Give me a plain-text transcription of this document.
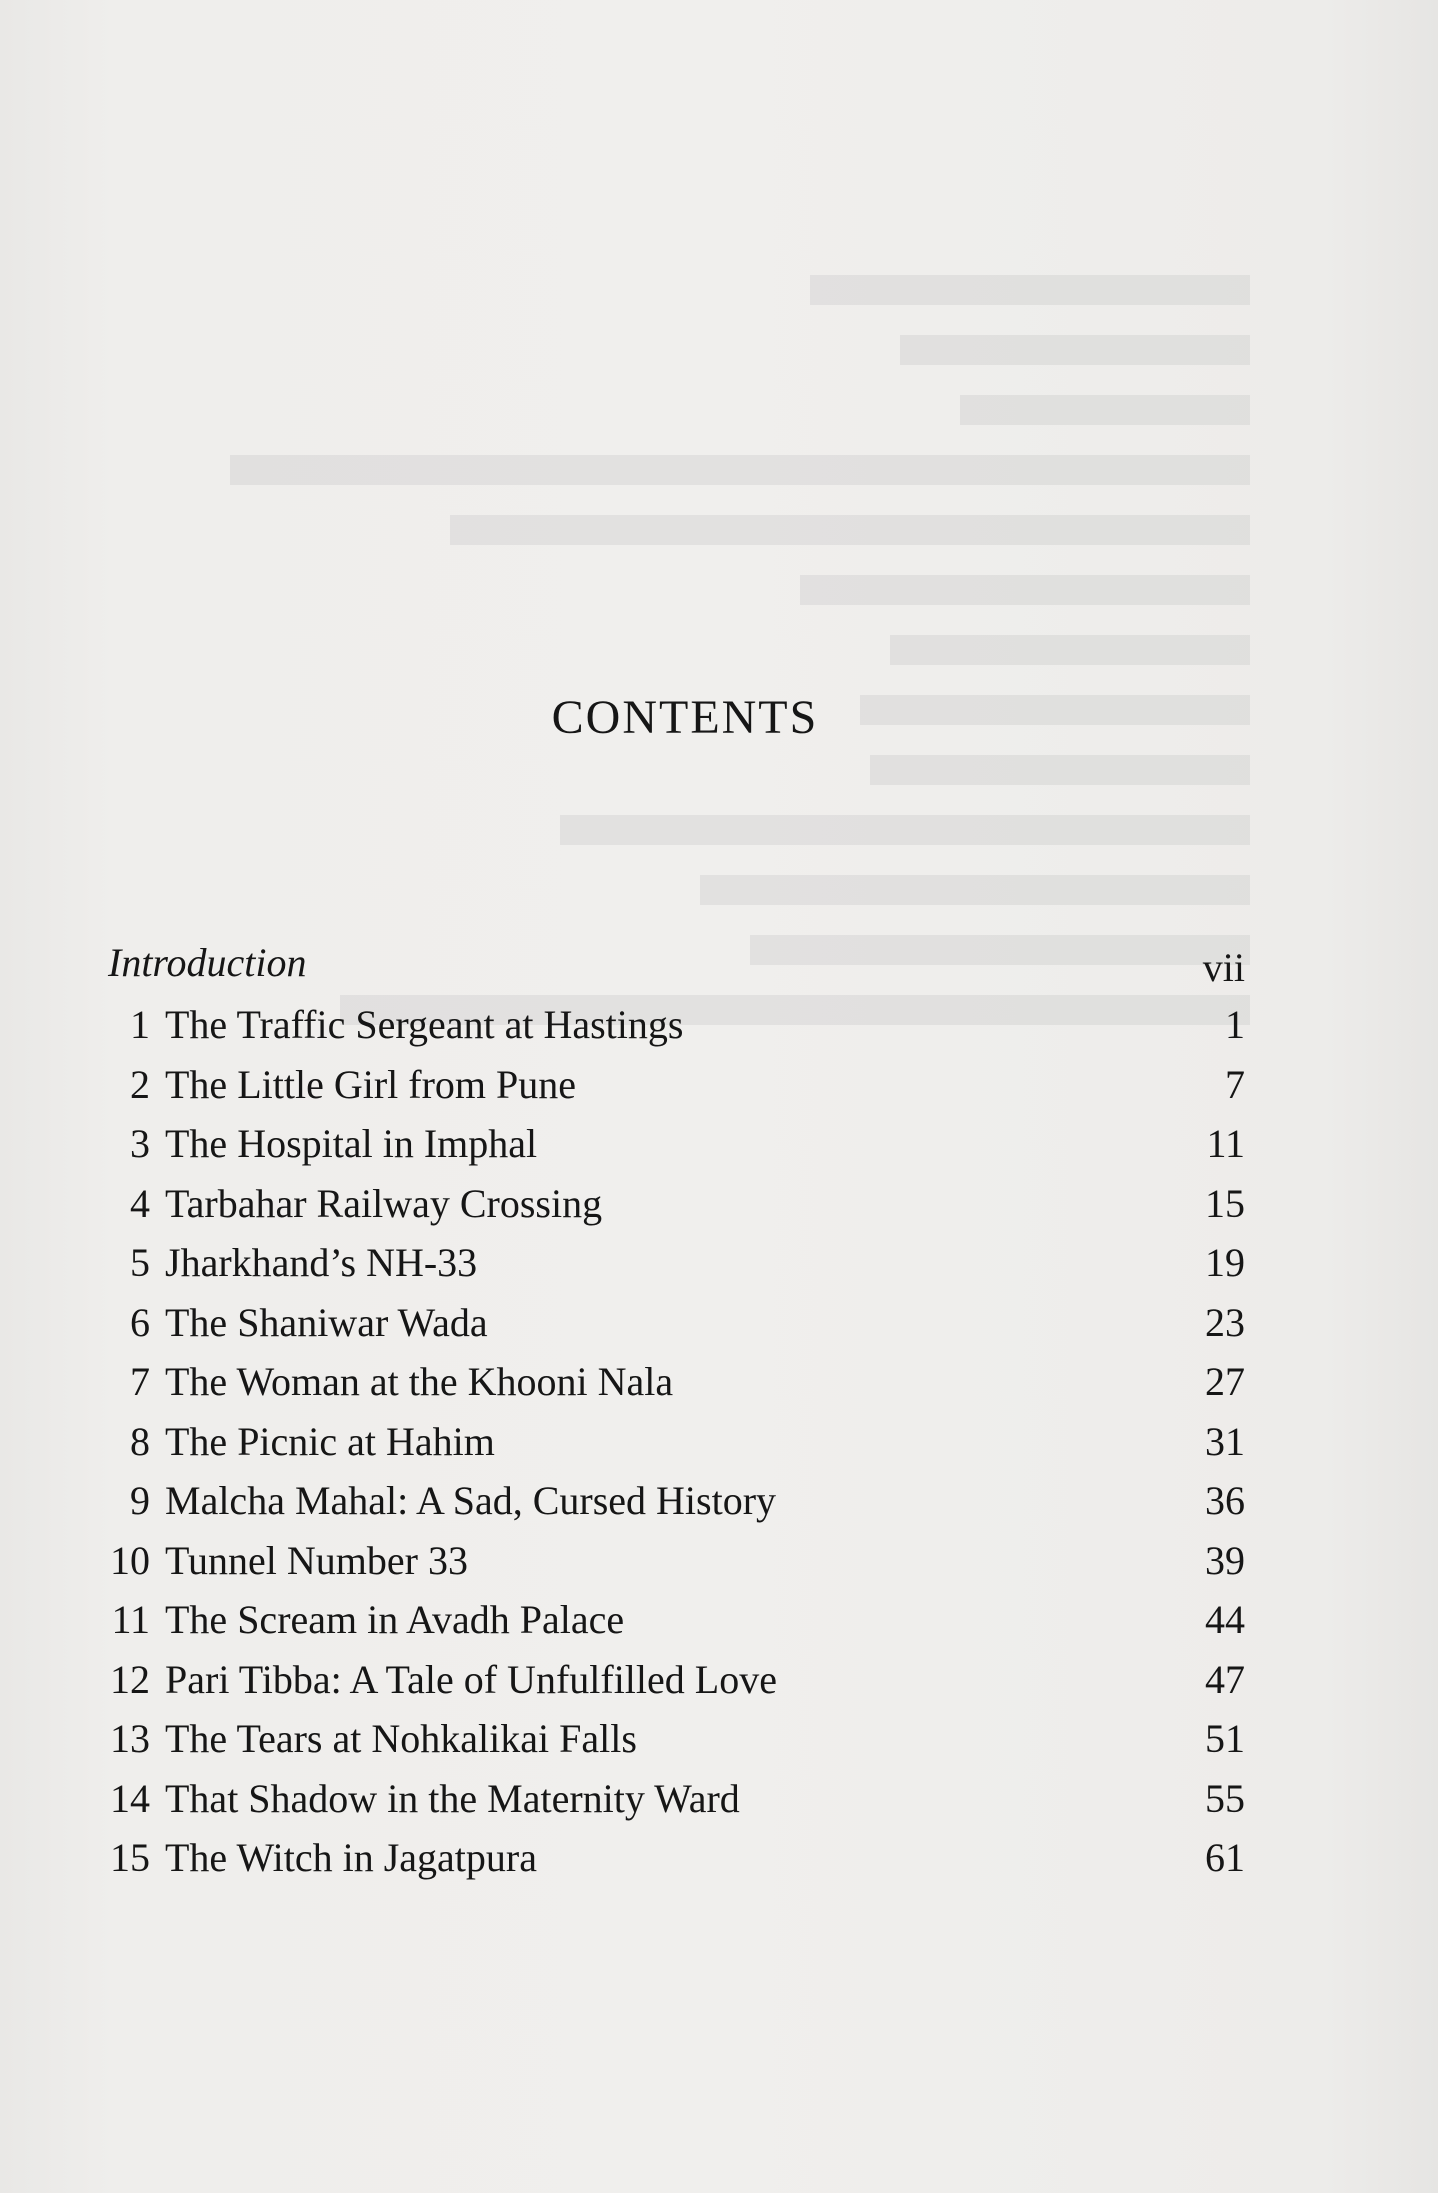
CONTENTS
Introduction	vii
1 The Traffic Sergeant at Hastings	1
2 The Little Girl from Pune	7
3 The Hospital in Imphal	11
4 Tarbahar Railway Crossing	15
5 Jharkhand’s NH-33	19
6 The Shaniwar Wada	23
7 The Woman at the Khooni Nala	27
8 The Picnic at Hahim	31
9 Malcha Mahal: A Sad, Cursed History	36
10 Tunnel Number 33	39
11 The Scream in Avadh Palace	44
12 Pari Tibba: A Tale of Unfulfilled Love	47
13 The Tears at Nohkalikai Falls	51
14 That Shadow in the Maternity Ward	55
15 The Witch in Jagatpura	61
